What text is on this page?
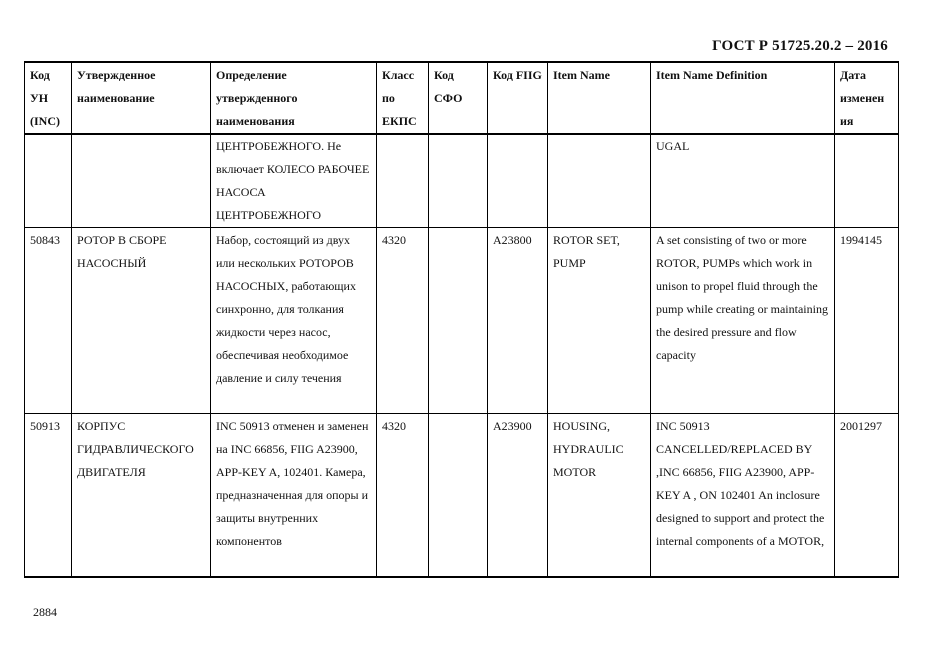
ГОСТ Р 51725.20.2 – 2016
Код УН (INC)	Утвержденное наименование	Определение утвержденного наименования	Класс по ЕКПС	Код СФО	Код FIIG	Item Name	Item Name Definition	Дата изменен ия
		ЦЕНТРОБЕЖНОГО. Не включает КОЛЕСО РАБОЧЕЕ НАСОСА ЦЕНТРОБЕЖНОГО					UGAL	
50843	РОТОР В СБОРЕ НАСОСНЫЙ	Набор, состоящий из двух или нескольких РОТОРОВ НАСОСНЫХ, работающих синхронно, для толкания жидкости через насос, обеспечивая необходимое давление и силу течения	4320		A23800	ROTOR SET, PUMP	A set consisting of two or more ROTOR, PUMPs which work in unison to propel fluid through the pump while creating or maintaining the desired pressure and flow capacity	1994145
50913	КОРПУС ГИДРАВЛИЧЕСКОГО ДВИГАТЕЛЯ	INC 50913 отменен и заменен на INC 66856, FIIG A23900, APP-KEY A, 102401. Камера, предназначенная для опоры и защиты внутренних компонентов	4320		A23900	HOUSING, HYDRAULIC MOTOR	INC 50913 CANCELLED/REPLACED BY ,INC 66856, FIIG A23900, APP-KEY A , ON 102401 An inclosure designed to support and protect the internal components of a MOTOR,	2001297
2884
